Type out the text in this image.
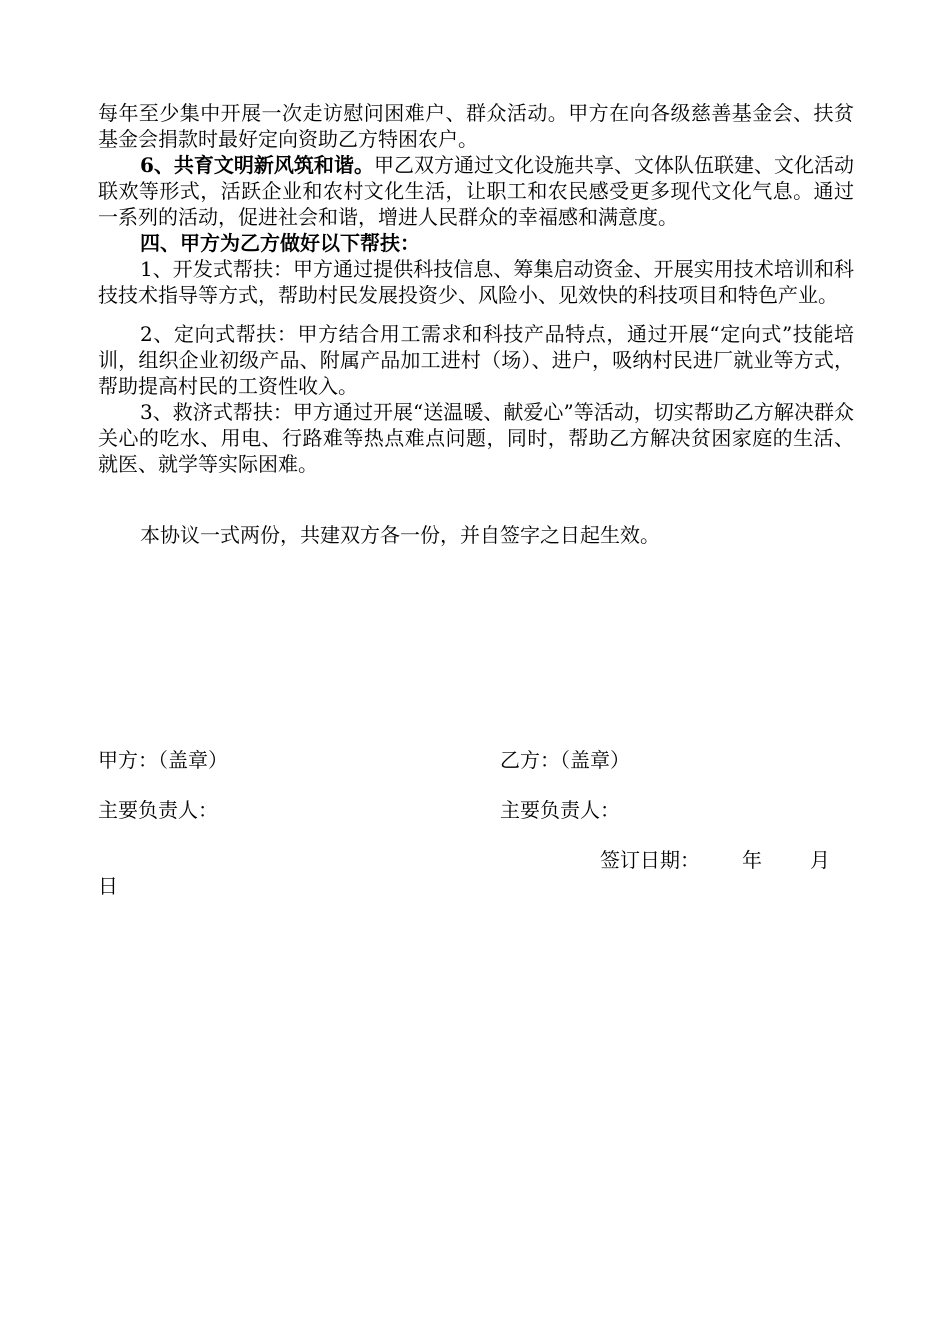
每年至少集中开展一次走访慰问困难户、群众活动。甲方在向各级慈善基金会、扶贫基金会捐款时最好定向资助乙方特困农户。
6、共育文明新风筑和谐。甲乙双方通过文化设施共享、文体队伍联建、文化活动联欢等形式，活跃企业和农村文化生活，让职工和农民感受更多现代文化气息。通过一系列的活动，促进社会和谐，增进人民群众的幸福感和满意度。
四、甲方为乙方做好以下帮扶：
1、开发式帮扶：甲方通过提供科技信息、筹集启动资金、开展实用技术培训和科技技术指导等方式，帮助村民发展投资少、风险小、见效快的科技项目和特色产业。
2、定向式帮扶：甲方结合用工需求和科技产品特点，通过开展“定向式”技能培训，组织企业初级产品、附属产品加工进村（场）、进户，吸纳村民进厂就业等方式，帮助提高村民的工资性收入。
3、救济式帮扶：甲方通过开展“送温暖、献爱心”等活动，切实帮助乙方解决群众关心的吃水、用电、行路难等热点难点问题，同时，帮助乙方解决贫困家庭的生活、就医、就学等实际困难。
本协议一式两份，共建双方各一份，并自签字之日起生效。
甲方：（盖章）	乙方：（盖章）
主要负责人：	主要负责人：
签订日期： 年 月
日
